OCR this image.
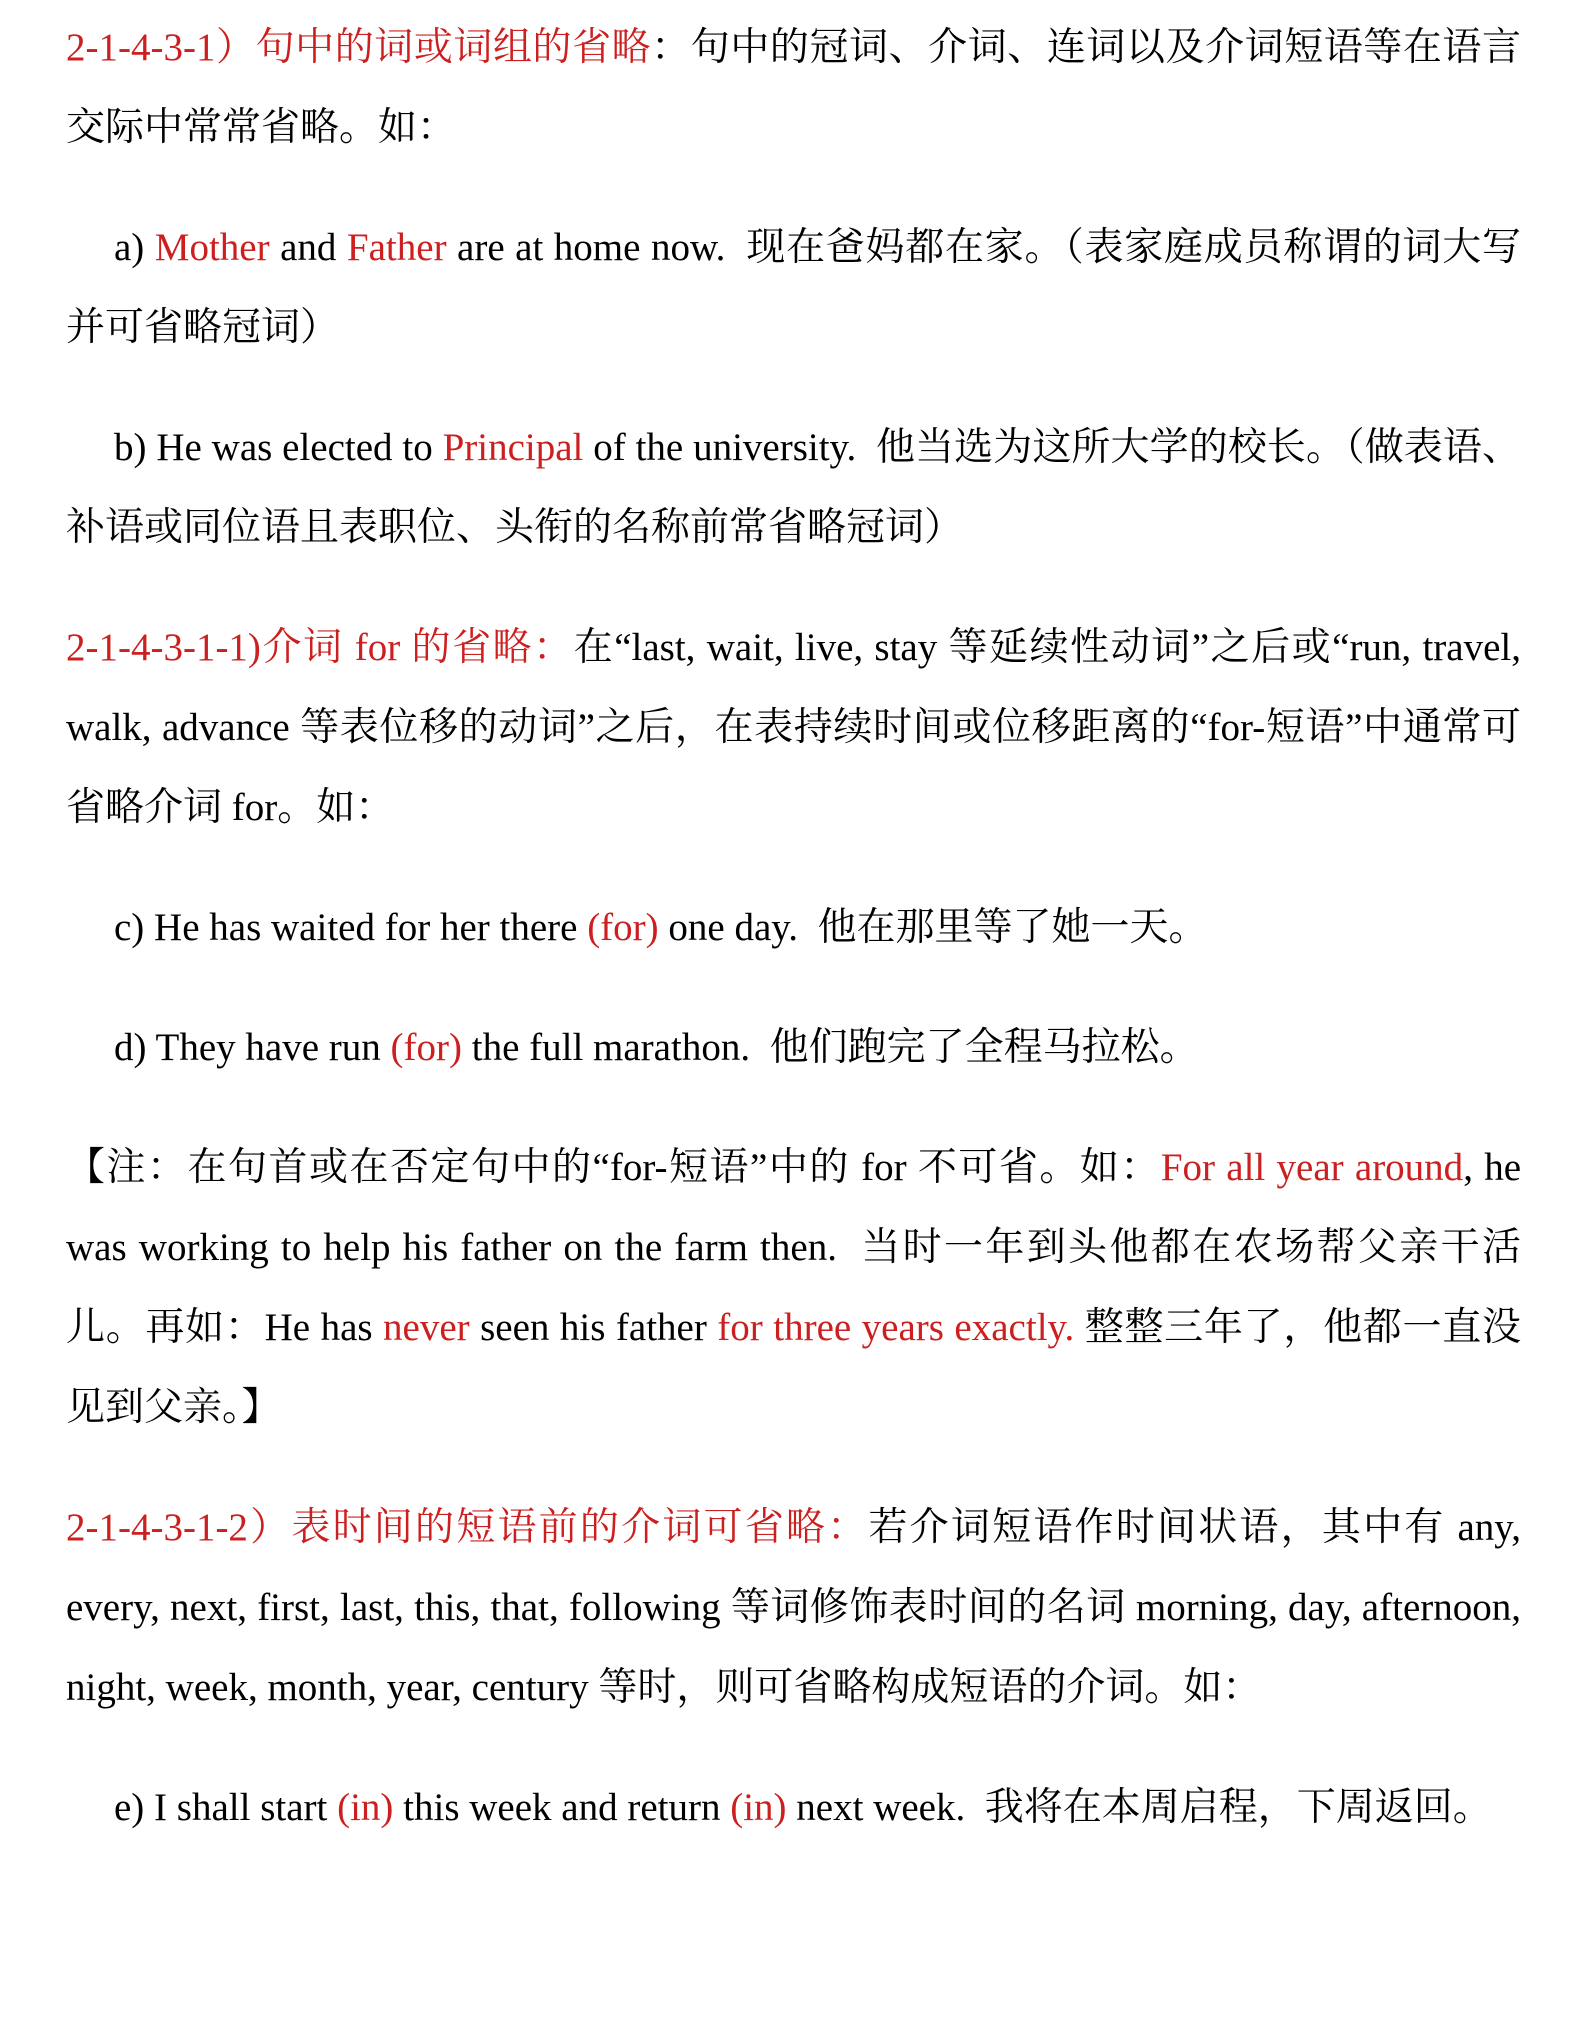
2-1-4-3-1）句中的词或词组的省略：句中的冠词、介词、连词以及介词短语等在语言交际中常常省略。如：

a) Mother and Father are at home now.  现在爸妈都在家。（表家庭成员称谓的词大写并可省略冠词）

b) He was elected to Principal of the university.  他当选为这所大学的校长。（做表语、补语或同位语且表职位、头衔的名称前常省略冠词）

2-1-4-3-1-1)介词 for 的省略：在“last, wait, live, stay 等延续性动词”之后或“run, travel, walk, advance 等表位移的动词”之后，在表持续时间或位移距离的“for-短语”中通常可省略介词 for。如：

c) He has waited for her there (for) one day.  他在那里等了她一天。

d) They have run (for) the full marathon.  他们跑完了全程马拉松。

【注：在句首或在否定句中的“for-短语”中的 for 不可省。如：For all year around, he was working to help his father on the farm then.  当时一年到头他都在农场帮父亲干活儿。再如：He has never seen his father for three years exactly. 整整三年了，他都一直没见到父亲。】

2-1-4-3-1-2）表时间的短语前的介词可省略：若介词短语作时间状语，其中有 any, every, next, first, last, this, that, following 等词修饰表时间的名词 morning, day, afternoon, night, week, month, year, century 等时，则可省略构成短语的介词。如：

e) I shall start (in) this week and return (in) next week.  我将在本周启程，下周返回。
